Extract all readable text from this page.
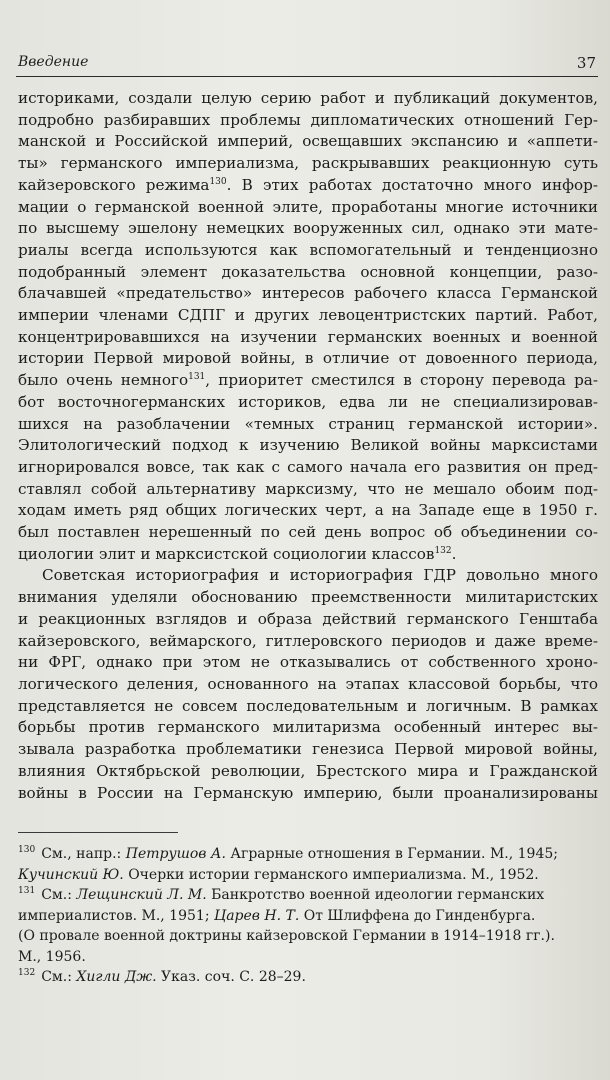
Введение	37
историками, создали целую серию работ и публикаций документов,
подробно разбиравших проблемы дипломатических отношений Гер-
манской и Российской империй, освещавших экспансию и «аппети-
ты» германского империализма, раскрывавших реакционную суть
кайзеровского режима$^{130}$. В этих работах достаточно много инфор-
мации о германской военной элите, проработаны многие источники
по высшему эшелону немецких вооруженных сил, однако эти мате-
риалы всегда используются как вспомогательный и тенденциозно
подобранный элемент доказательства основной концепции, разо-
блачавшей «предательство» интересов рабочего класса Германской
империи членами СДПГ и других левоцентристских партий. Работ,
концентрировавшихся на изучении германских военных и военной
истории Первой мировой войны, в отличие от довоенного периода,
было очень немного$^{131}$, приоритет сместился в сторону перевода ра-
бот восточногерманских историков, едва ли не специализировав-
шихся на разоблачении «темных страниц германской истории».
Элитологический подход к изучению Великой войны марксистами
игнорировался вовсе, так как с самого начала его развития он пред-
ставлял собой альтернативу марксизму, что не мешало обоим под-
ходам иметь ряд общих логических черт, а на Западе еще в 1950 г.
был поставлен нерешенный по сей день вопрос об объединении со-
циологии элит и марксистской социологии классов$^{132}$.
Советская историография и историография ГДР довольно много
внимания уделяли обоснованию преемственности милитаристских
и реакционных взглядов и образа действий германского Генштаба
кайзеровского, веймарского, гитлеровского периодов и даже време-
ни ФРГ, однако при этом не отказывались от собственного хроно-
логического деления, основанного на этапах классовой борьбы, что
представляется не совсем последовательным и логичным. В рамках
борьбы против германского милитаризма особенный интерес вы-
зывала разработка проблематики генезиса Первой мировой войны,
влияния Октябрьской революции, Брестского мира и Гражданской
войны в России на Германскую империю, были проанализированы
$^{130}$ См., напр.: Петрушов А. Аграрные отношения в Германии. М., 1945;
Кучинский Ю. Очерки истории германского империализма. М., 1952.
$^{131}$ См.: Лещинский Л. М. Банкротство военной идеологии германских
империалистов. М., 1951; Царев Н. Т. От Шлиффена до Гинденбурга.
(О провале военной доктрины кайзеровской Германии в 1914–1918 гг.).
М., 1956.
$^{132}$ См.: Хигли Дж. Указ. соч. С. 28–29.
